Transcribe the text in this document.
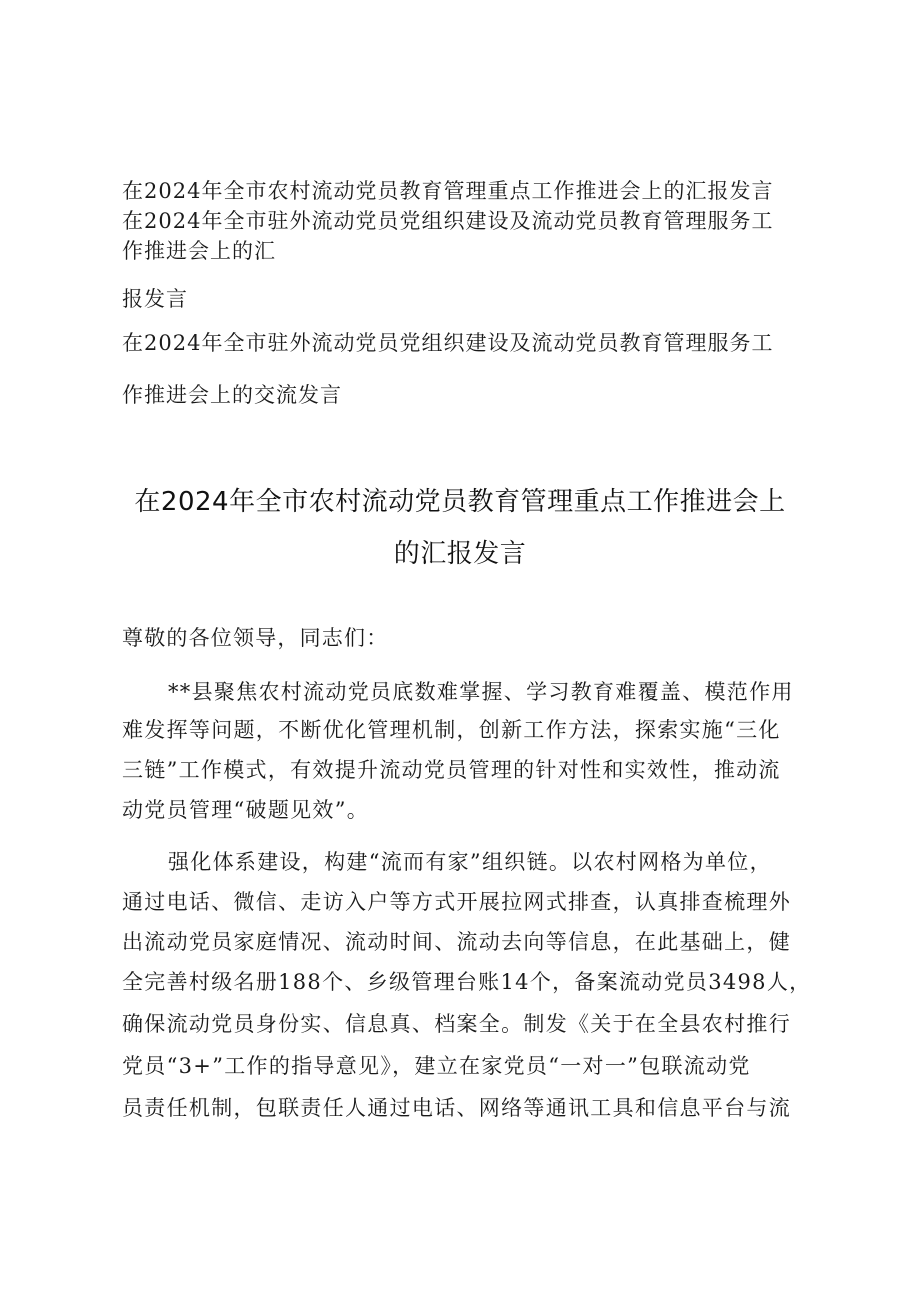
在2024年全市农村流动党员教育管理重点工作推进会上的汇报发言
在2024年全市驻外流动党员党组织建设及流动党员教育管理服务工
作推进会上的汇
报发言
在2024年全市驻外流动党员党组织建设及流动党员教育管理服务工
作推进会上的交流发言
在2024年全市农村流动党员教育管理重点工作推进会上
的汇报发言
尊敬的各位领导，同志们：
**县聚焦农村流动党员底数难掌握、学习教育难覆盖、模范作用
难发挥等问题，不断优化管理机制，创新工作方法，探索实施“三化
三链”工作模式，有效提升流动党员管理的针对性和实效性，推动流
动党员管理“破题见效”。
强化体系建设，构建“流而有家”组织链。以农村网格为单位，
通过电话、微信、走访入户等方式开展拉网式排查，认真排查梳理外
出流动党员家庭情况、流动时间、流动去向等信息，在此基础上，健
全完善村级名册188个、乡级管理台账14个，备案流动党员3498人，
确保流动党员身份实、信息真、档案全。制发《关于在全县农村推行
党员“3+”工作的指导意见》，建立在家党员“一对一”包联流动党
员责任机制，包联责任人通过电话、网络等通讯工具和信息平台与流
